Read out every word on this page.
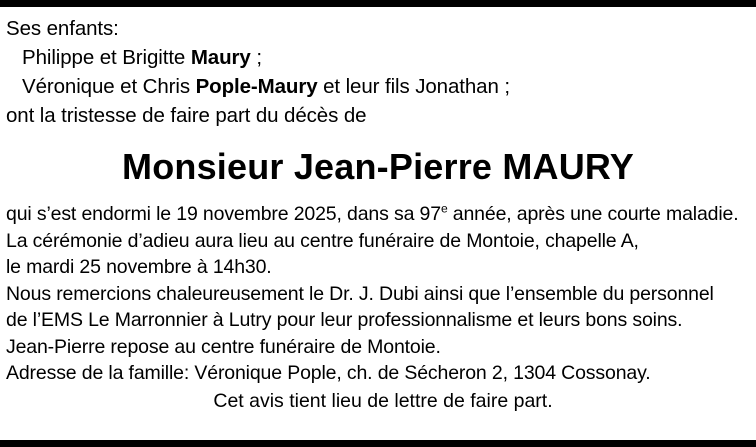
Ses enfants:
Philippe et Brigitte Maury ;
Véronique et Chris Pople-Maury et leur fils Jonathan ;
ont la tristesse de faire part du décès de
Monsieur Jean-Pierre MAURY
qui s’est endormi le 19 novembre 2025, dans sa 97e année, après une courte maladie.
La cérémonie d’adieu aura lieu au centre funéraire de Montoie, chapelle A,
le mardi 25 novembre à 14h30.
Nous remercions chaleureusement le Dr. J. Dubi ainsi que l’ensemble du personnel
de l’EMS Le Marronnier à Lutry pour leur professionnalisme et leurs bons soins.
Jean-Pierre repose au centre funéraire de Montoie.
Adresse de la famille: Véronique Pople, ch. de Sécheron 2, 1304 Cossonay.
Cet avis tient lieu de lettre de faire part.
